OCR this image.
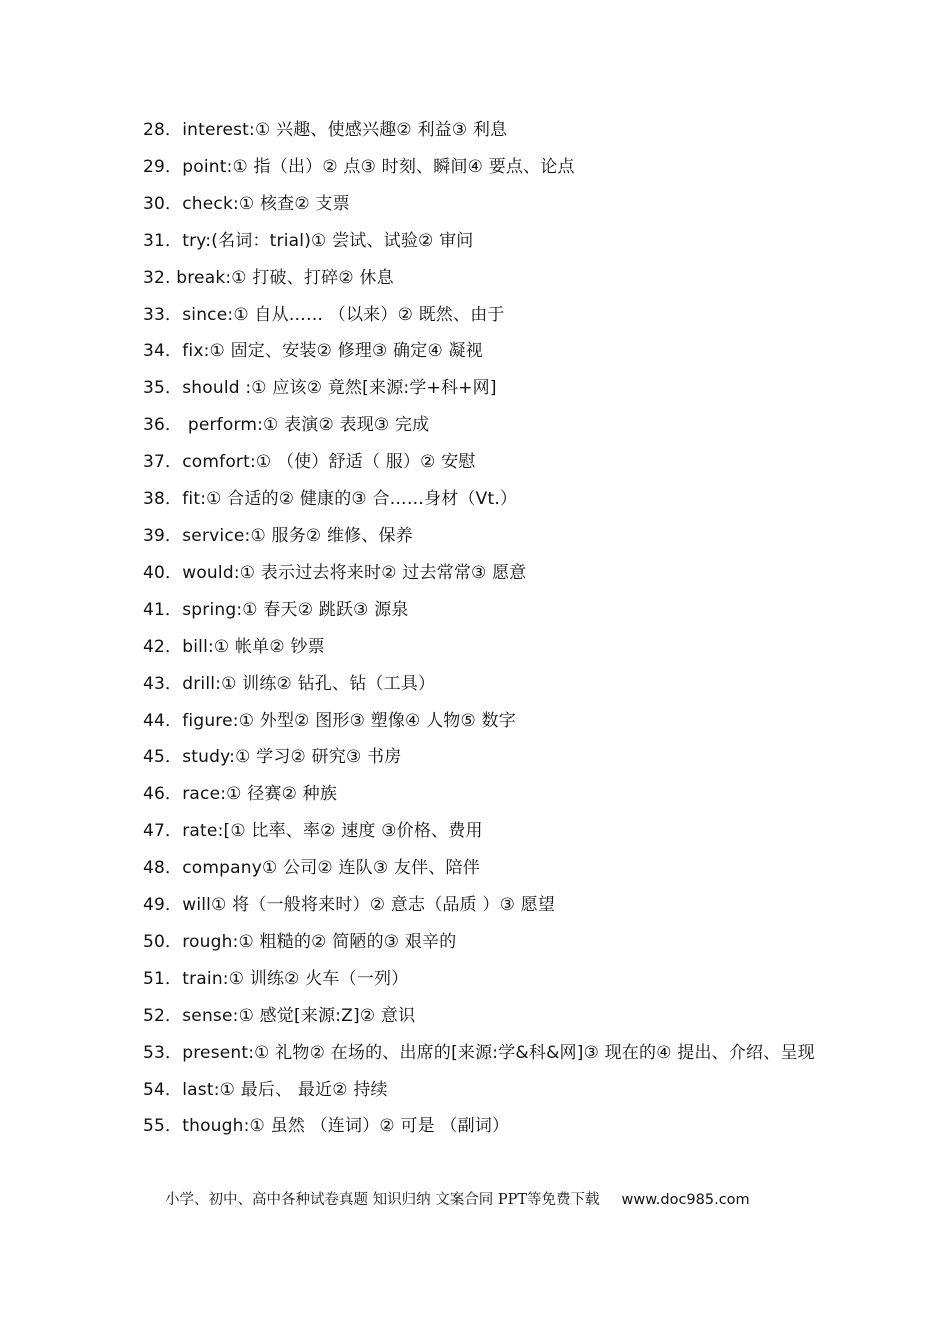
28．interest:① 兴趣、使感兴趣② 利益③ 利息
29．point:① 指（出）② 点③ 时刻、瞬间④ 要点、论点
30．check:① 核查② 支票
31．try:(名词：trial)① 尝试、试验② 审问
32. break:① 打破、打碎② 休息
33．since:① 自从…… （以来）② 既然、由于
34．fix:① 固定、安装② 修理③ 确定④ 凝视
35．should :① 应该② 竟然[来源:学+科+网]
36． perform:① 表演② 表现③ 完成
37．comfort:① （使）舒适（ 服）② 安慰
38．fit:① 合适的② 健康的③ 合……身材（Vt.）
39．service:① 服务② 维修、保养
40．would:① 表示过去将来时② 过去常常③ 愿意
41．spring:① 春天② 跳跃③ 源泉
42．bill:① 帐单② 钞票
43．drill:① 训练② 钻孔、钻（工具）
44．figure:① 外型② 图形③ 塑像④ 人物⑤ 数字
45．study:① 学习② 研究③ 书房
46．race:① 径赛② 种族
47．rate:[① 比率、率② 速度 ③价格、费用
48．company① 公司② 连队③ 友伴、陪伴
49．will① 将（一般将来时）② 意志（品质 ）③ 愿望
50．rough:① 粗糙的② 简陋的③ 艰辛的
51．train:① 训练② 火车（一列）
52．sense:① 感觉[来源:Z]② 意识
53．present:① 礼物② 在场的、出席的[来源:学&科&网]③ 现在的④ 提出、介绍、呈现
54．last:① 最后、 最近② 持续
55．though:① 虽然 （连词）② 可是 （副词）
小学、初中、高中各种试卷真题 知识归纳 文案合同 PPT等免费下载 www.doc985.com
